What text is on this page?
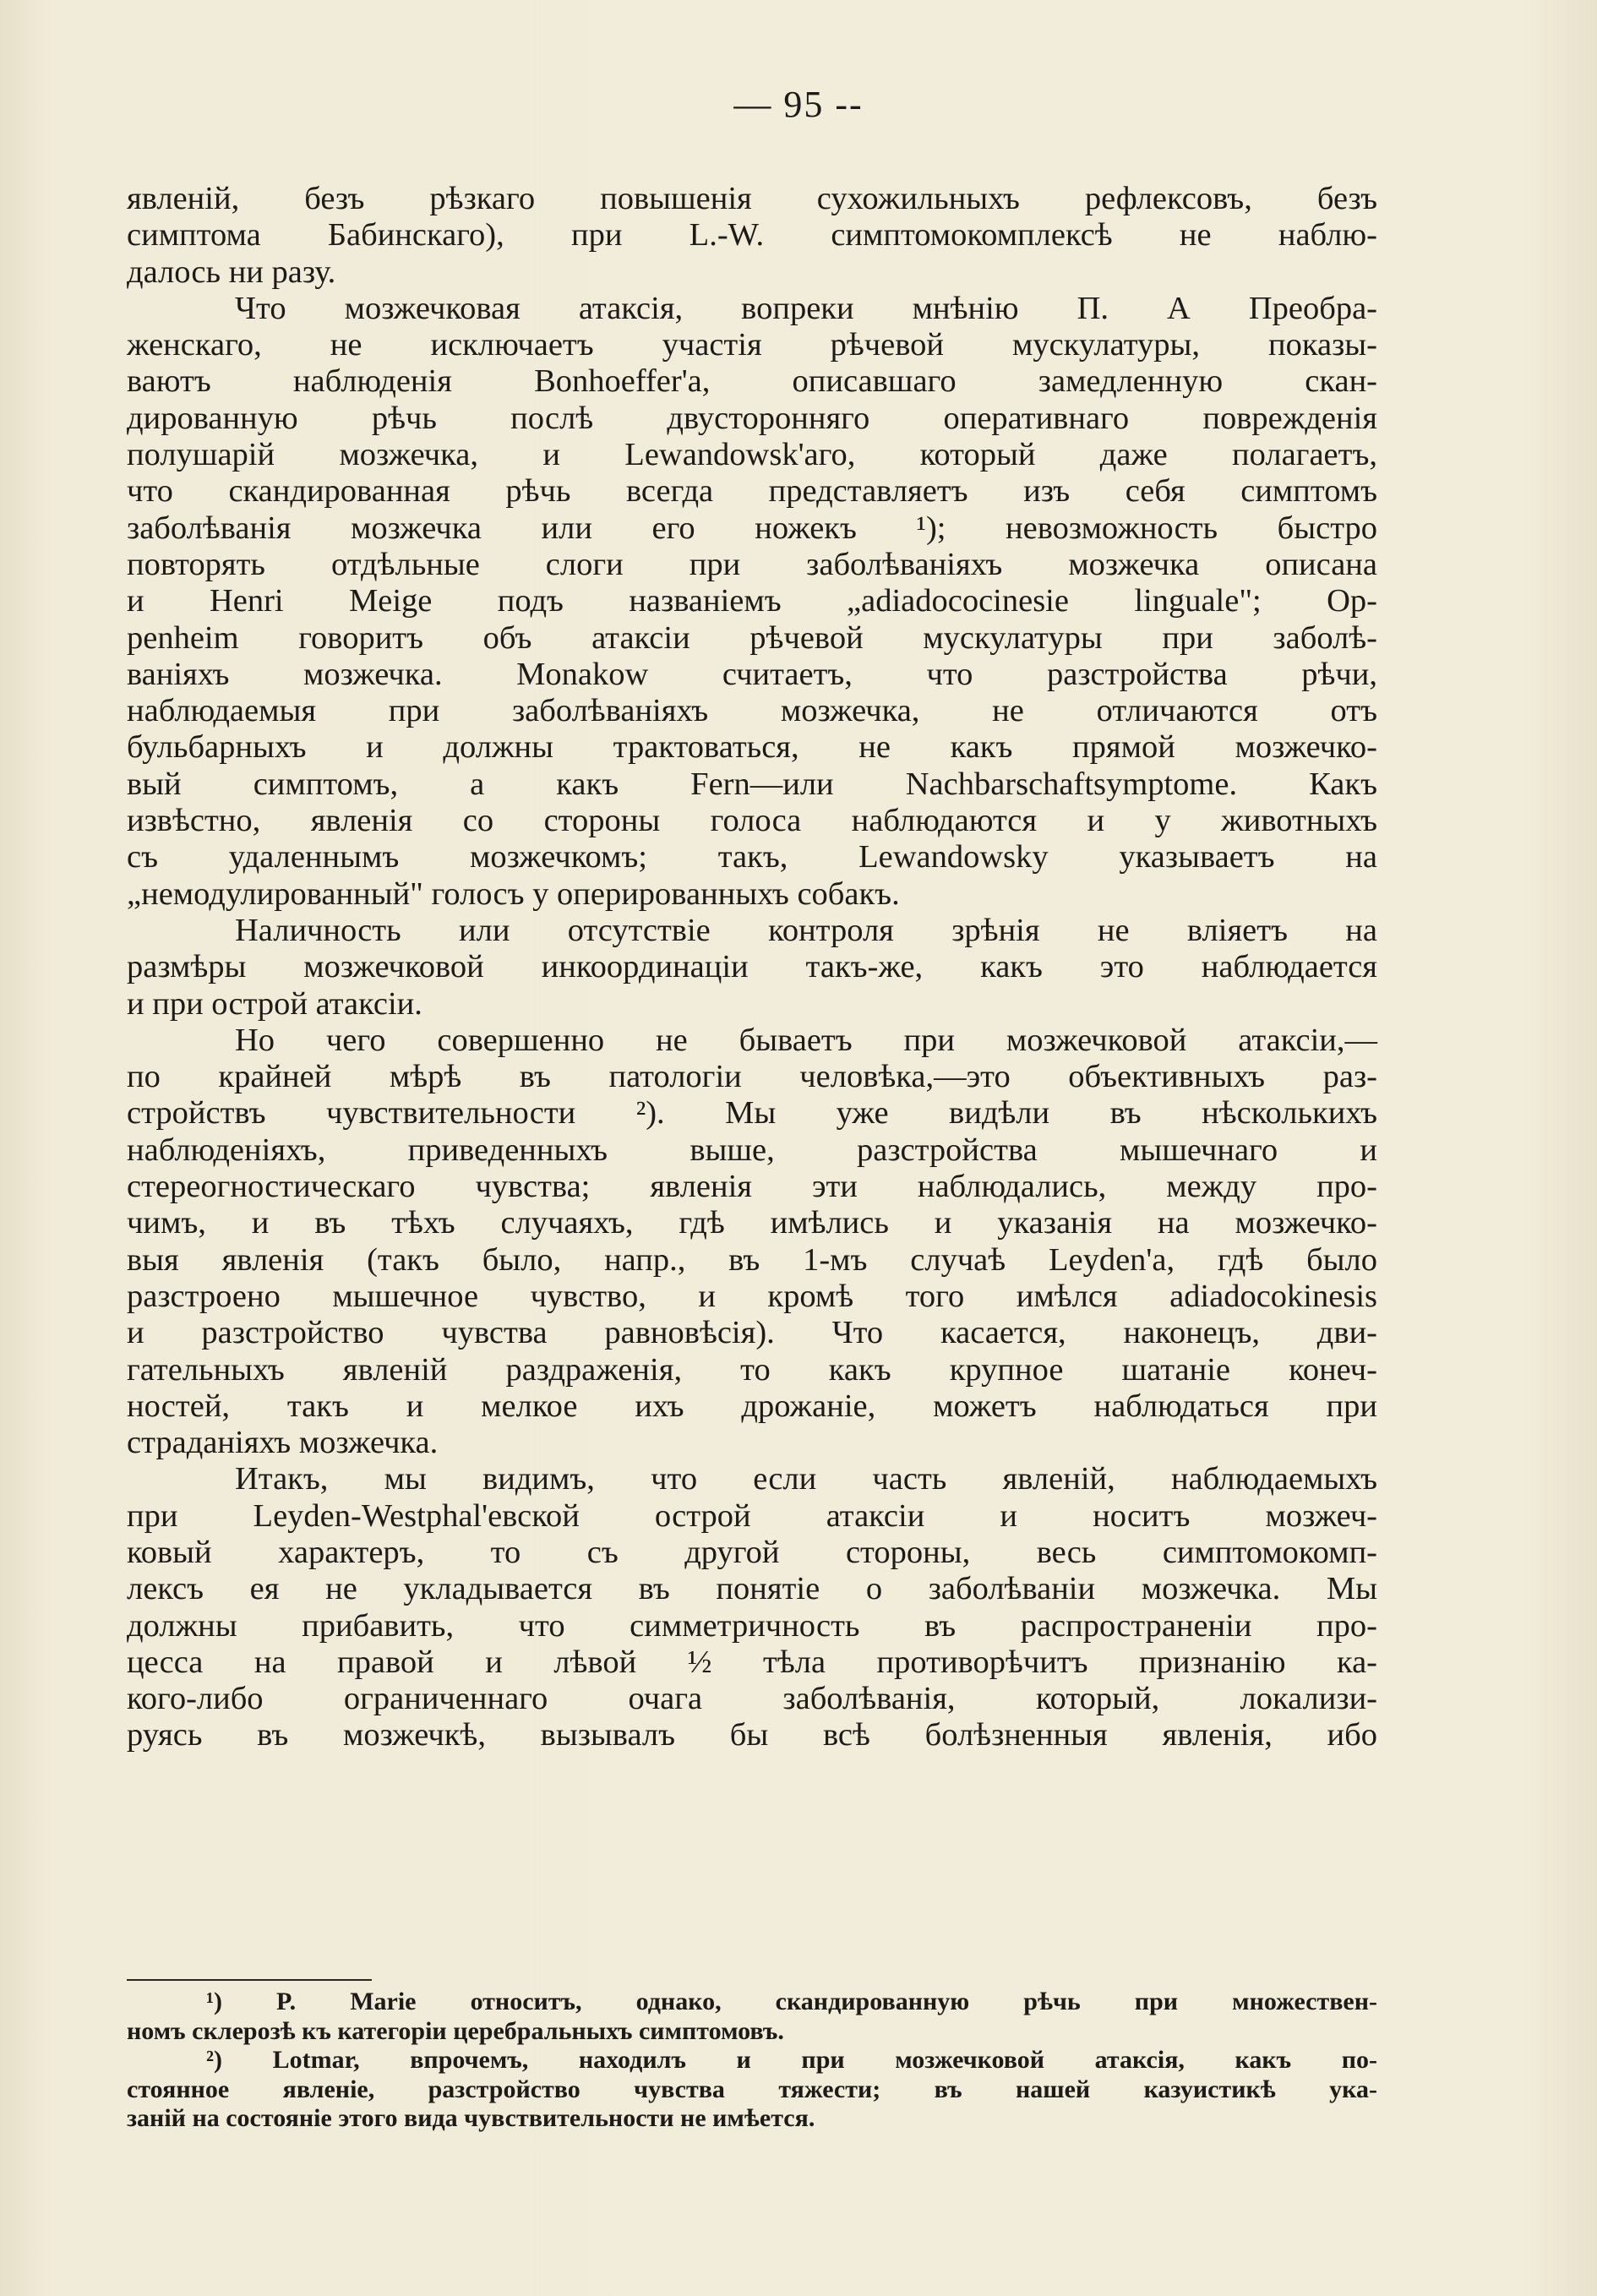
— 95 --
явленій, безъ рѣзкаго повышенія сухожильныхъ рефлексовъ, безъ
симптома Бабинскаго), при L.-W. симптомокомплексѣ не наблю-
далось ни разу.
Что мозжечковая атаксія, вопреки мнѣнію П. А Преобра-
женскаго, не исключаетъ участія рѣчевой мускулатуры, показы-
ваютъ наблюденія Bonhoeffer'а, описавшаго замедленную скан-
дированную рѣчь послѣ двусторонняго оперативнаго поврежденія
полушарій мозжечка, и Lewandowsk'аго, который даже полагаетъ,
что скандированная рѣчь всегда представляетъ изъ себя симптомъ
заболѣванія мозжечка или его ножекъ ¹); невозможность быстро
повторять отдѣльные слоги при заболѣваніяхъ мозжечка описана
и Henri Meige подъ названіемъ „adiadococinesie linguale"; Op-
penheim говоритъ объ атаксіи рѣчевой мускулатуры при заболѣ-
ваніяхъ мозжечка. Monakow считаетъ, что разстройства рѣчи,
наблюдаемыя при заболѣваніяхъ мозжечка, не отличаются отъ
бульбарныхъ и должны трактоваться, не какъ прямой мозжечко-
вый симптомъ, а какъ Fern—или Nachbarschaftsymptome. Какъ
извѣстно, явленія со стороны голоса наблюдаются и у животныхъ
съ удаленнымъ мозжечкомъ; такъ, Lewandowsky указываетъ на
„немодулированный" голосъ у оперированныхъ собакъ.
Наличность или отсутствіе контроля зрѣнія не вліяетъ на
размѣры мозжечковой инкоординаціи такъ-же, какъ это наблюдается
и при острой атаксіи.
Но чего совершенно не бываетъ при мозжечковой атаксіи,—
по крайней мѣрѣ въ патологіи человѣка,—это объективныхъ раз-
стройствъ чувствительности ²). Мы уже видѣли въ нѣсколькихъ
наблюденіяхъ, приведенныхъ выше, разстройства мышечнаго и
стереогностическаго чувства; явленія эти наблюдались, между про-
чимъ, и въ тѣхъ случаяхъ, гдѣ имѣлись и указанія на мозжечко-
выя явленія (такъ было, напр., въ 1-мъ случаѣ Leyden'а, гдѣ было
разстроено мышечное чувство, и кромѣ того имѣлся adiadocokinesis
и разстройство чувства равновѣсія). Что касается, наконецъ, дви-
гательныхъ явленій раздраженія, то какъ крупное шатаніе конеч-
ностей, такъ и мелкое ихъ дрожаніе, можетъ наблюдаться при
страданіяхъ мозжечка.
Итакъ, мы видимъ, что если часть явленій, наблюдаемыхъ
при Leyden-Westphal'евской острой атаксіи и носитъ мозжеч-
ковый характеръ, то съ другой стороны, весь симптомокомп-
лексъ ея не укладывается въ понятіе о заболѣваніи мозжечка. Мы
должны прибавить, что симметричность въ распространеніи про-
цесса на правой и лѣвой ½ тѣла противорѣчитъ признанію ка-
кого-либо ограниченнаго очага заболѣванія, который, локализи-
руясь въ мозжечкѣ, вызывалъ бы всѣ болѣзненныя явленія, ибо
¹) P. Marie относитъ, однако, скандированную рѣчь при множествен-
номъ склерозѣ къ категоріи церебральныхъ симптомовъ.
²) Lotmar, впрочемъ, находилъ и при мозжечковой атаксія, какъ по-
стоянное явленіе, разстройство чувства тяжести; въ нашей казуистикѣ ука-
заній на состояніе этого вида чувствительности не имѣется.
